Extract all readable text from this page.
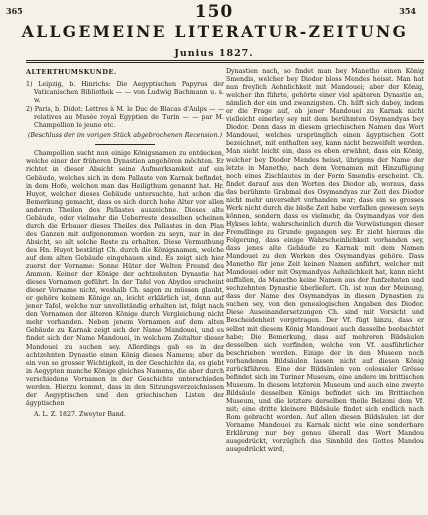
365	150	354
ALLGEMEINE LITERATUR-ZEITUNG
Junius 1827.

ALTERTHUMSKUNDE.

1) Leipzig, b. Hinrichs: Die Aegyptischen Papyrus der Vaticanischen Bibliothek — — von Ludwig Bachmann u. s. w.

2) Paris, b. Didot: Lettres à M. le Duc de Blacas d'Aulps — — relatives au Musée royal Egyptien de Turin — — par M. Champollion le jeune etc.

(Beschluss der im vorigen Stück abgebrochenen Recension.)

Champollion sucht nun einige Königsnamen zu entdecken, welche einer der früheren Dynastien angehören möchten. Er richtet in dieser Absicht seine Aufmerksamkeit auf ein Gebäude, welches sich in dem Pallaste von Karnak befindet, in dem Hofe, welchen man das Heiligthum genannt hat. Hr. Huyot, welcher dieses Gebäude untersuchte, hat schon die Bemerkung gemacht, dass es sich durch hohe Alter vor allen anderen Theilen des Pallastes auszeichne. Dieses alte Gebäude, oder vielmehr die Ueberreste desselben scheinen durch die Erbauer dieses Theiles des Pallastes in den Plan des Ganzen mit aufgenommen worden zu seyn, nur in der Absicht, so alt solche Reste zu erhalten. Diese Vermuthung des Hn. Huyot bestätigt Ch. durch die Königsnamen, welche auf dem alten Gebäude eingehauen sind. Es zeigt sich hier zuerst der Vorname: Sonne Hüter der Welten Freund des Ammon. Keiner der Könige der achtzehnten Dynastie hat dieses Vornamen geführt. In der Tafel von Abydos erscheint dieser Vorname nicht, weshalb Ch. sagen zu müssen glaubt, er gehöre keinem Könige an, leicht erklärlich ist, denn auf jener Tafel, welche nur unvollständig erhalten ist, folgt nach den Vornamen der älteren Könige durch Vergleichung nicht mehr vorhanden. Neben jenem Vornamen auf dem alten Gebäude zu Karnak zeigt sich der Name Mandouei, und es findet sich der Name Mandouei, in welchem Zeitalter dieser Mandouei zu suchen sey. Allerdings gab es in der achtzehnten Dynastie einen König dieses Namens; aber da ein von so grosser Wichtigkeit, in der Geschichte da, es giebt in Aegypten manche Könige gleiches Namens, die aber durch verschiedene Vornamen in der Geschichte unterschieden werden. Hierzu kommt, dass in den Sitzungsverzeichnissen der Aegyptischen und den griechischen Listen der ägyptischen

A. L. Z. 1827. Zweyter Band.

Dynastien nach, so findet man bey Manetho einen König Smendis, welcher bey Diodor bloss Mendes heisst. Man hat nun freylich Aehnlichkeit mit Mandouei; aber der König, welcher ihn führte, gehörte einer viel späteren Dynastie an, nämlich der ein und zwanzigsten. Ch. hilft sich dabey, indem er die Frage auf, ob jener Mandouei zu Karnak nicht vielleicht einerley sey mit dem berühmten Osymandyas bey Diodor. Denn dass in diesem griechischen Namen das Wort Mandouei, welches ursprünglich einen ägyptischen Gott bezeichnet, mit enthalten sey, kann nicht bezweifelt werden. Man sieht leicht ein, dass es eben erwähnt, dass ein König, welcher bey Diodor Mendes heisst, übrigens der Name der letzte in Manetho, nach dem Vornamen mit Hinzufügung noch eines Zischlautes in der Form Smendis erscheint. Ch. findet darauf aus den Worten des Diodor ab, woraus, dass das berühmte Grabmal des Osymandyas zur Zeit des Diodor nicht mehr unversehrt vorhanden war; dass ein so grosses Werk nicht durch die bloße Zeit habe verfallen gewesen seyn können, sondern dass es vielmehr, da Osymandyas vor den Hykses lebte, wahrscheinlich durch die Verwüstungen dieser Fremdlinge zu Grunde gegangen sey. Er zieht hieraus die Folgerung, dass einige Wahrscheinlichkeit vorhanden sey, dass jenes alte Gebäude zu Karnak mit dem Namen Mandouei zu den Werken des Osymandyas gehöre. Dass Manetho für jene Zeit keinen Namen anführt, welcher mit Mandouei oder mit Osymandyas Aehnlichkeit hat, kann nicht auffallen, da Manetho keine Namen aus der funfzehnten und sechzehnten Dynastie überliefert. Ch. ist nun der Meinung, dass der Name des Osymandyas in diesen Dynastien zu suchen sey, von den genealogischen Angaben des Diodor. Diese Auseinandersetzungen Ch. sind mit Vorsicht und Bescheidenheit vorgetragen. Der Vf. fügt hinzu, dass er selbst mit diesem König Mandouei auch dasselbe beobachtet habe; Die Bemerkung, dass auf mehreren Bildsäulen desselben sich vorfinden, welche von Vf. ausführlicher beschrieben werden. Einige der in den Museen noch vorhandenen Bildsäulen lassen nicht auf diesen König zurückführen. Eine der Bildsäulen von colossaler Grösse befindet sich im Turiner Museum, eine andere im brittischen Museum. In diesem letzteren Museum und auch eine zweyte Bildsäule desselben Königs befindet sich im Brittischen Museum, und die letztere derselben theile Belzoni dem Vf. mit; eine dritte kleinere Bildsäule findet sich endlich nach Rom gebracht worden. Auf allen diesen Bildsäulen ist der Vorname Mandouei zu Karnak nicht wie eine sonderbare Erklärung nur bey genau überall das Wort Mandou ausgedrückt, vorzüglich das Sinnbild des Gottes Mandou ausgedrückt wird,
